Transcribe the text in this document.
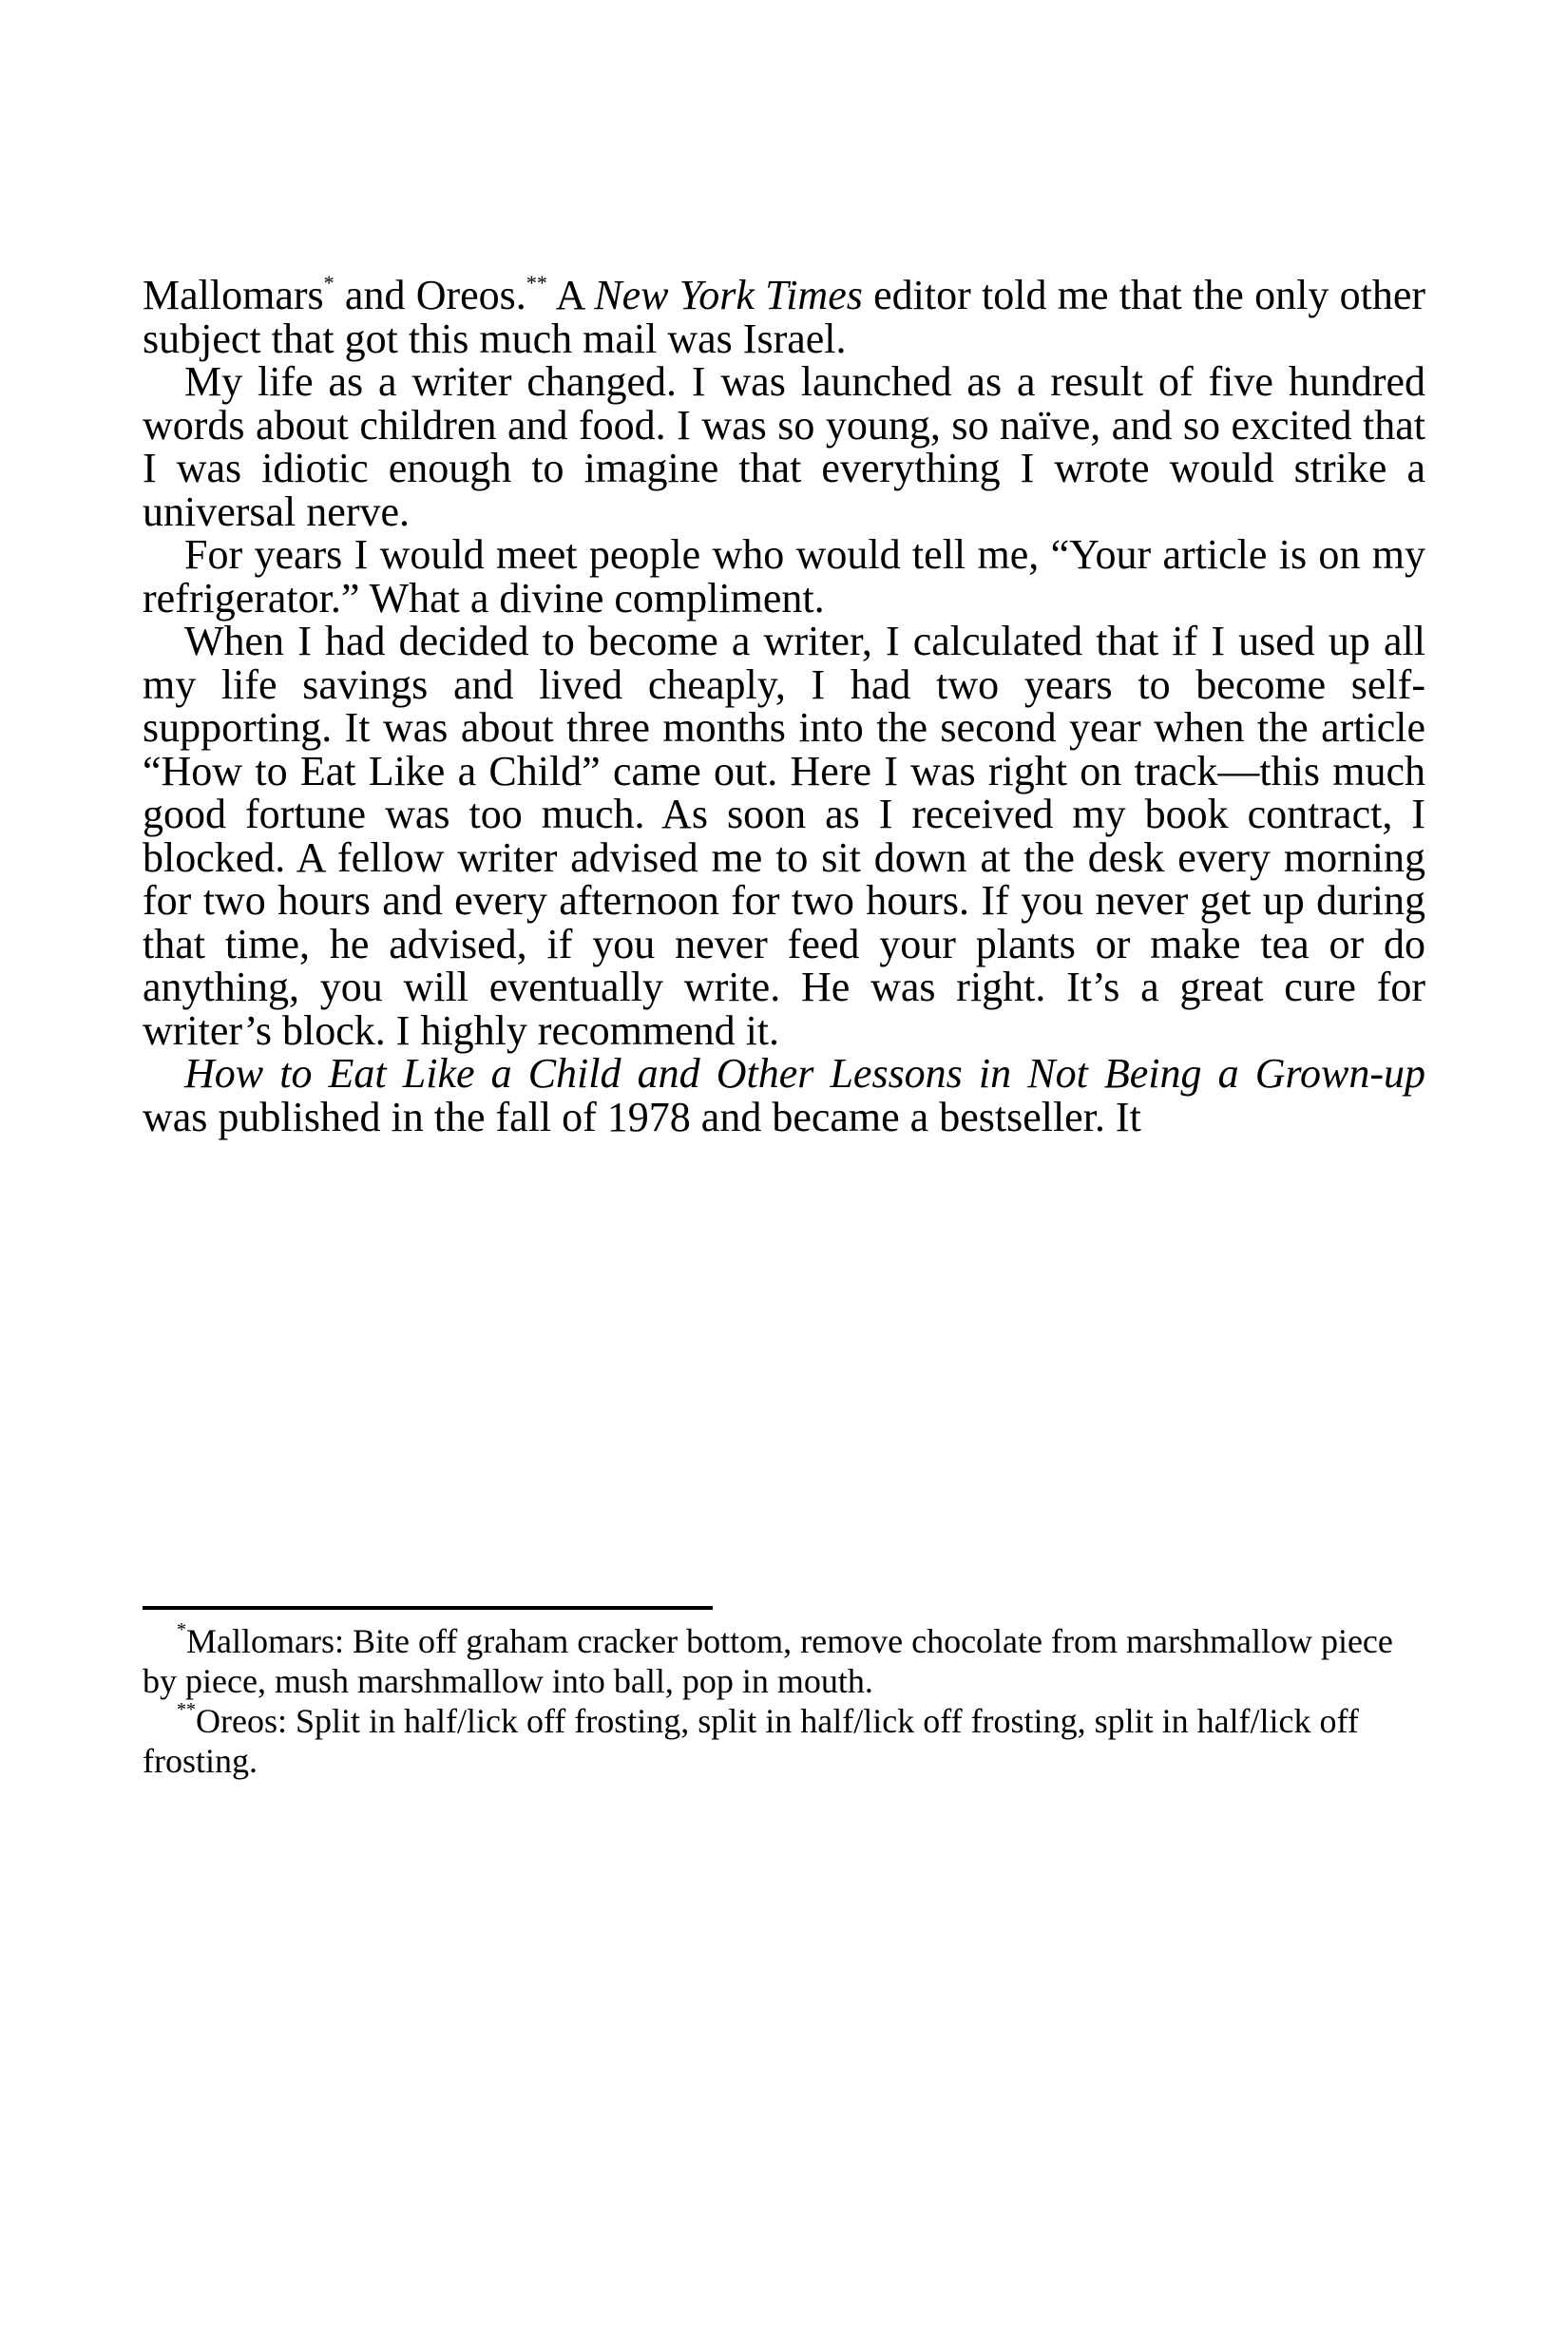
Mallomars* and Oreos.** A New York Times editor told me that the only other subject that got this much mail was Israel.

My life as a writer changed. I was launched as a result of five hundred words about children and food. I was so young, so naïve, and so excited that I was idiotic enough to imagine that everything I wrote would strike a universal nerve.

For years I would meet people who would tell me, “Your article is on my refrigerator.” What a divine compliment.

When I had decided to become a writer, I calculated that if I used up all my life savings and lived cheaply, I had two years to become self-supporting. It was about three months into the second year when the article “How to Eat Like a Child” came out. Here I was right on track—this much good fortune was too much. As soon as I received my book contract, I blocked. A fellow writer advised me to sit down at the desk every morning for two hours and every afternoon for two hours. If you never get up during that time, he advised, if you never feed your plants or make tea or do anything, you will eventually write. He was right. It’s a great cure for writer’s block. I highly recommend it.

How to Eat Like a Child and Other Lessons in Not Being a Grown-up was published in the fall of 1978 and became a bestseller. It

*Mallomars: Bite off graham cracker bottom, remove chocolate from marshmallow piece by piece, mush marshmallow into ball, pop in mouth.

**Oreos: Split in half/lick off frosting, split in half/lick off frosting, split in half/lick off frosting.
